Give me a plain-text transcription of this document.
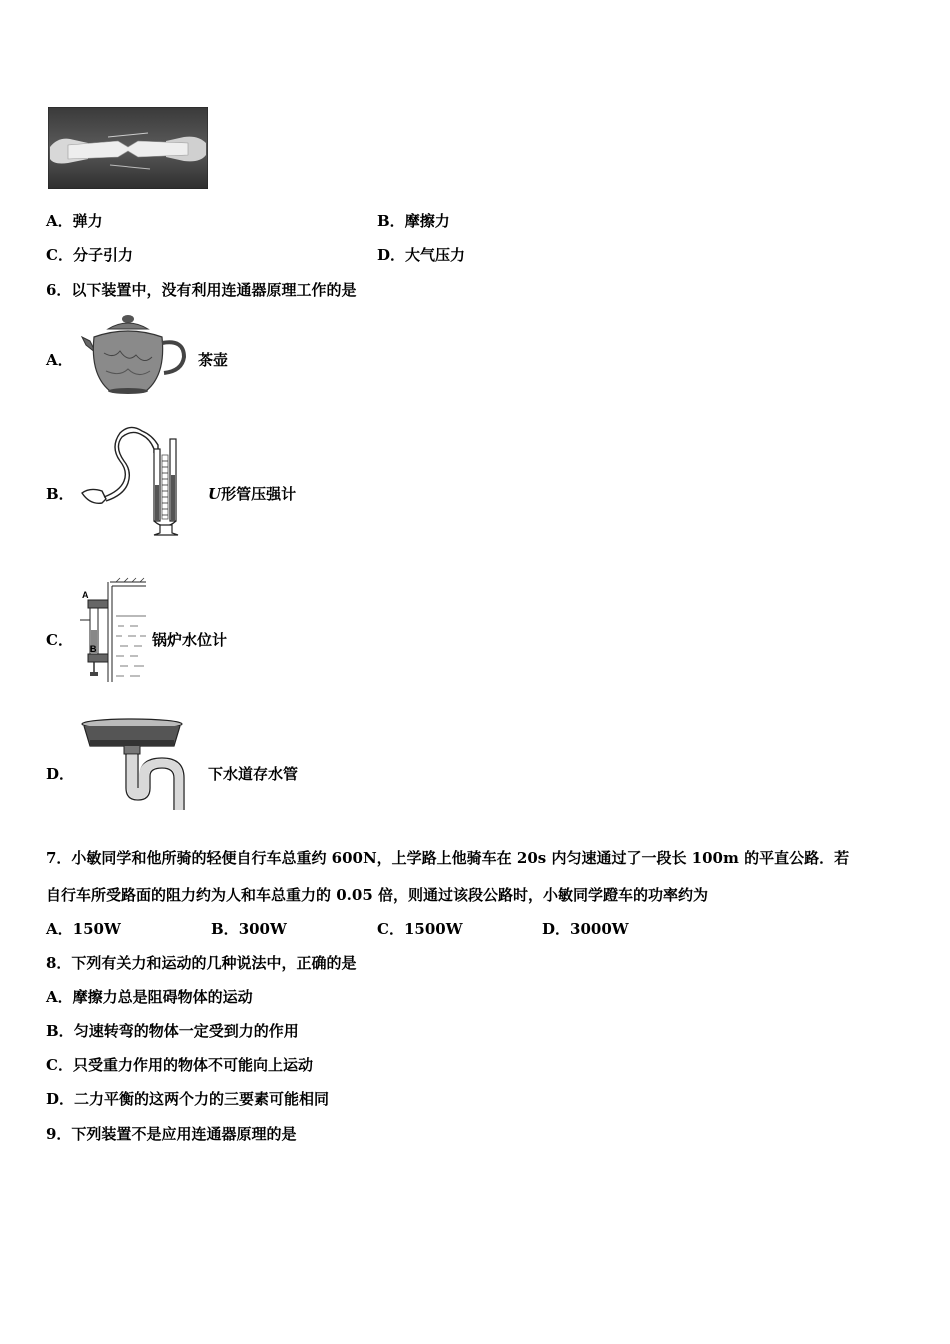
A．弹力	B．摩擦力
C．分子引力	D．大气压力
6．以下装置中，没有利用连通器原理工作的是
A．	茶壶
B．	U形管压强计
C．
A
B	锅炉水位计
D．	下水道存水管
7．小敏同学和他所骑的轻便自行车总重约 600N，上学路上他骑车在 20s 内匀速通过了一段长 100m 的平直公路．若
自行车所受路面的阻力约为人和车总重力的 0.05 倍，则通过该段公路时，小敏同学蹬车的功率约为
A．150W	B．300W	C．1500W	D．3000W
8．下列有关力和运动的几种说法中，正确的是
A．摩擦力总是阻碍物体的运动
B．匀速转弯的物体一定受到力的作用
C．只受重力作用的物体不可能向上运动
D．二力平衡的这两个力的三要素可能相同
9．下列装置不是应用连通器原理的是
